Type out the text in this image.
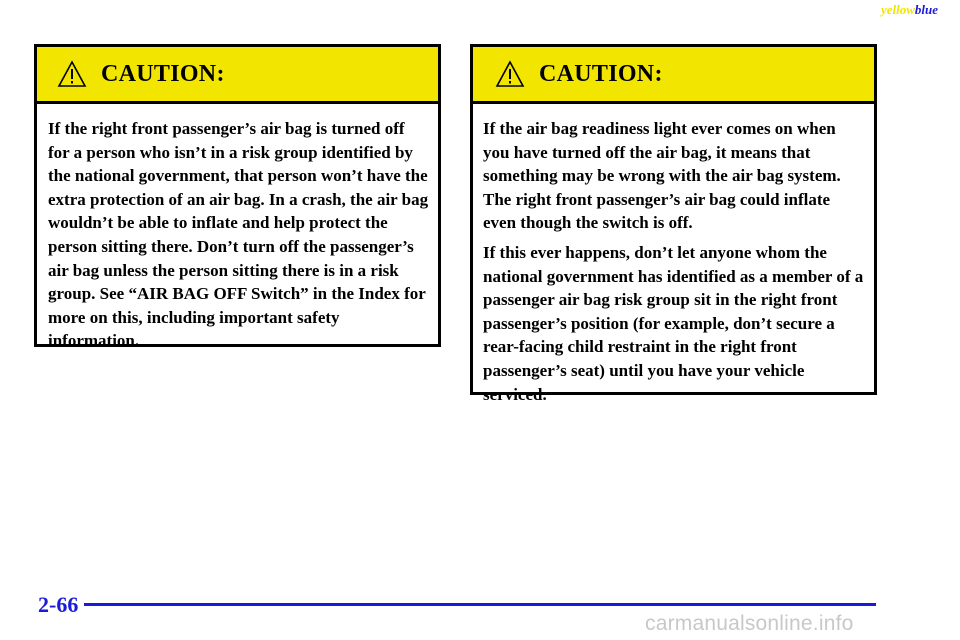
yellowblue
CAUTION:

If the right front passenger’s air bag is turned off for a person who isn’t in a risk group identified by the national government, that person won’t have the extra protection of an air bag. In a crash, the air bag wouldn’t be able to inflate and help protect the person sitting there. Don’t turn off the passenger’s air bag unless the person sitting there is in a risk group. See “AIR BAG OFF Switch” in the Index for more on this, including important safety information.

CAUTION:

If the air bag readiness light ever comes on when you have turned off the air bag, it means that something may be wrong with the air bag system. The right front passenger’s air bag could inflate even though the switch is off.

If this ever happens, don’t let anyone whom the national government has identified as a member of a passenger air bag risk group sit in the right front passenger’s position (for example, don’t secure a rear-facing child restraint in the right front passenger’s seat) until you have your vehicle serviced.

2-66
carmanualsonline.info
